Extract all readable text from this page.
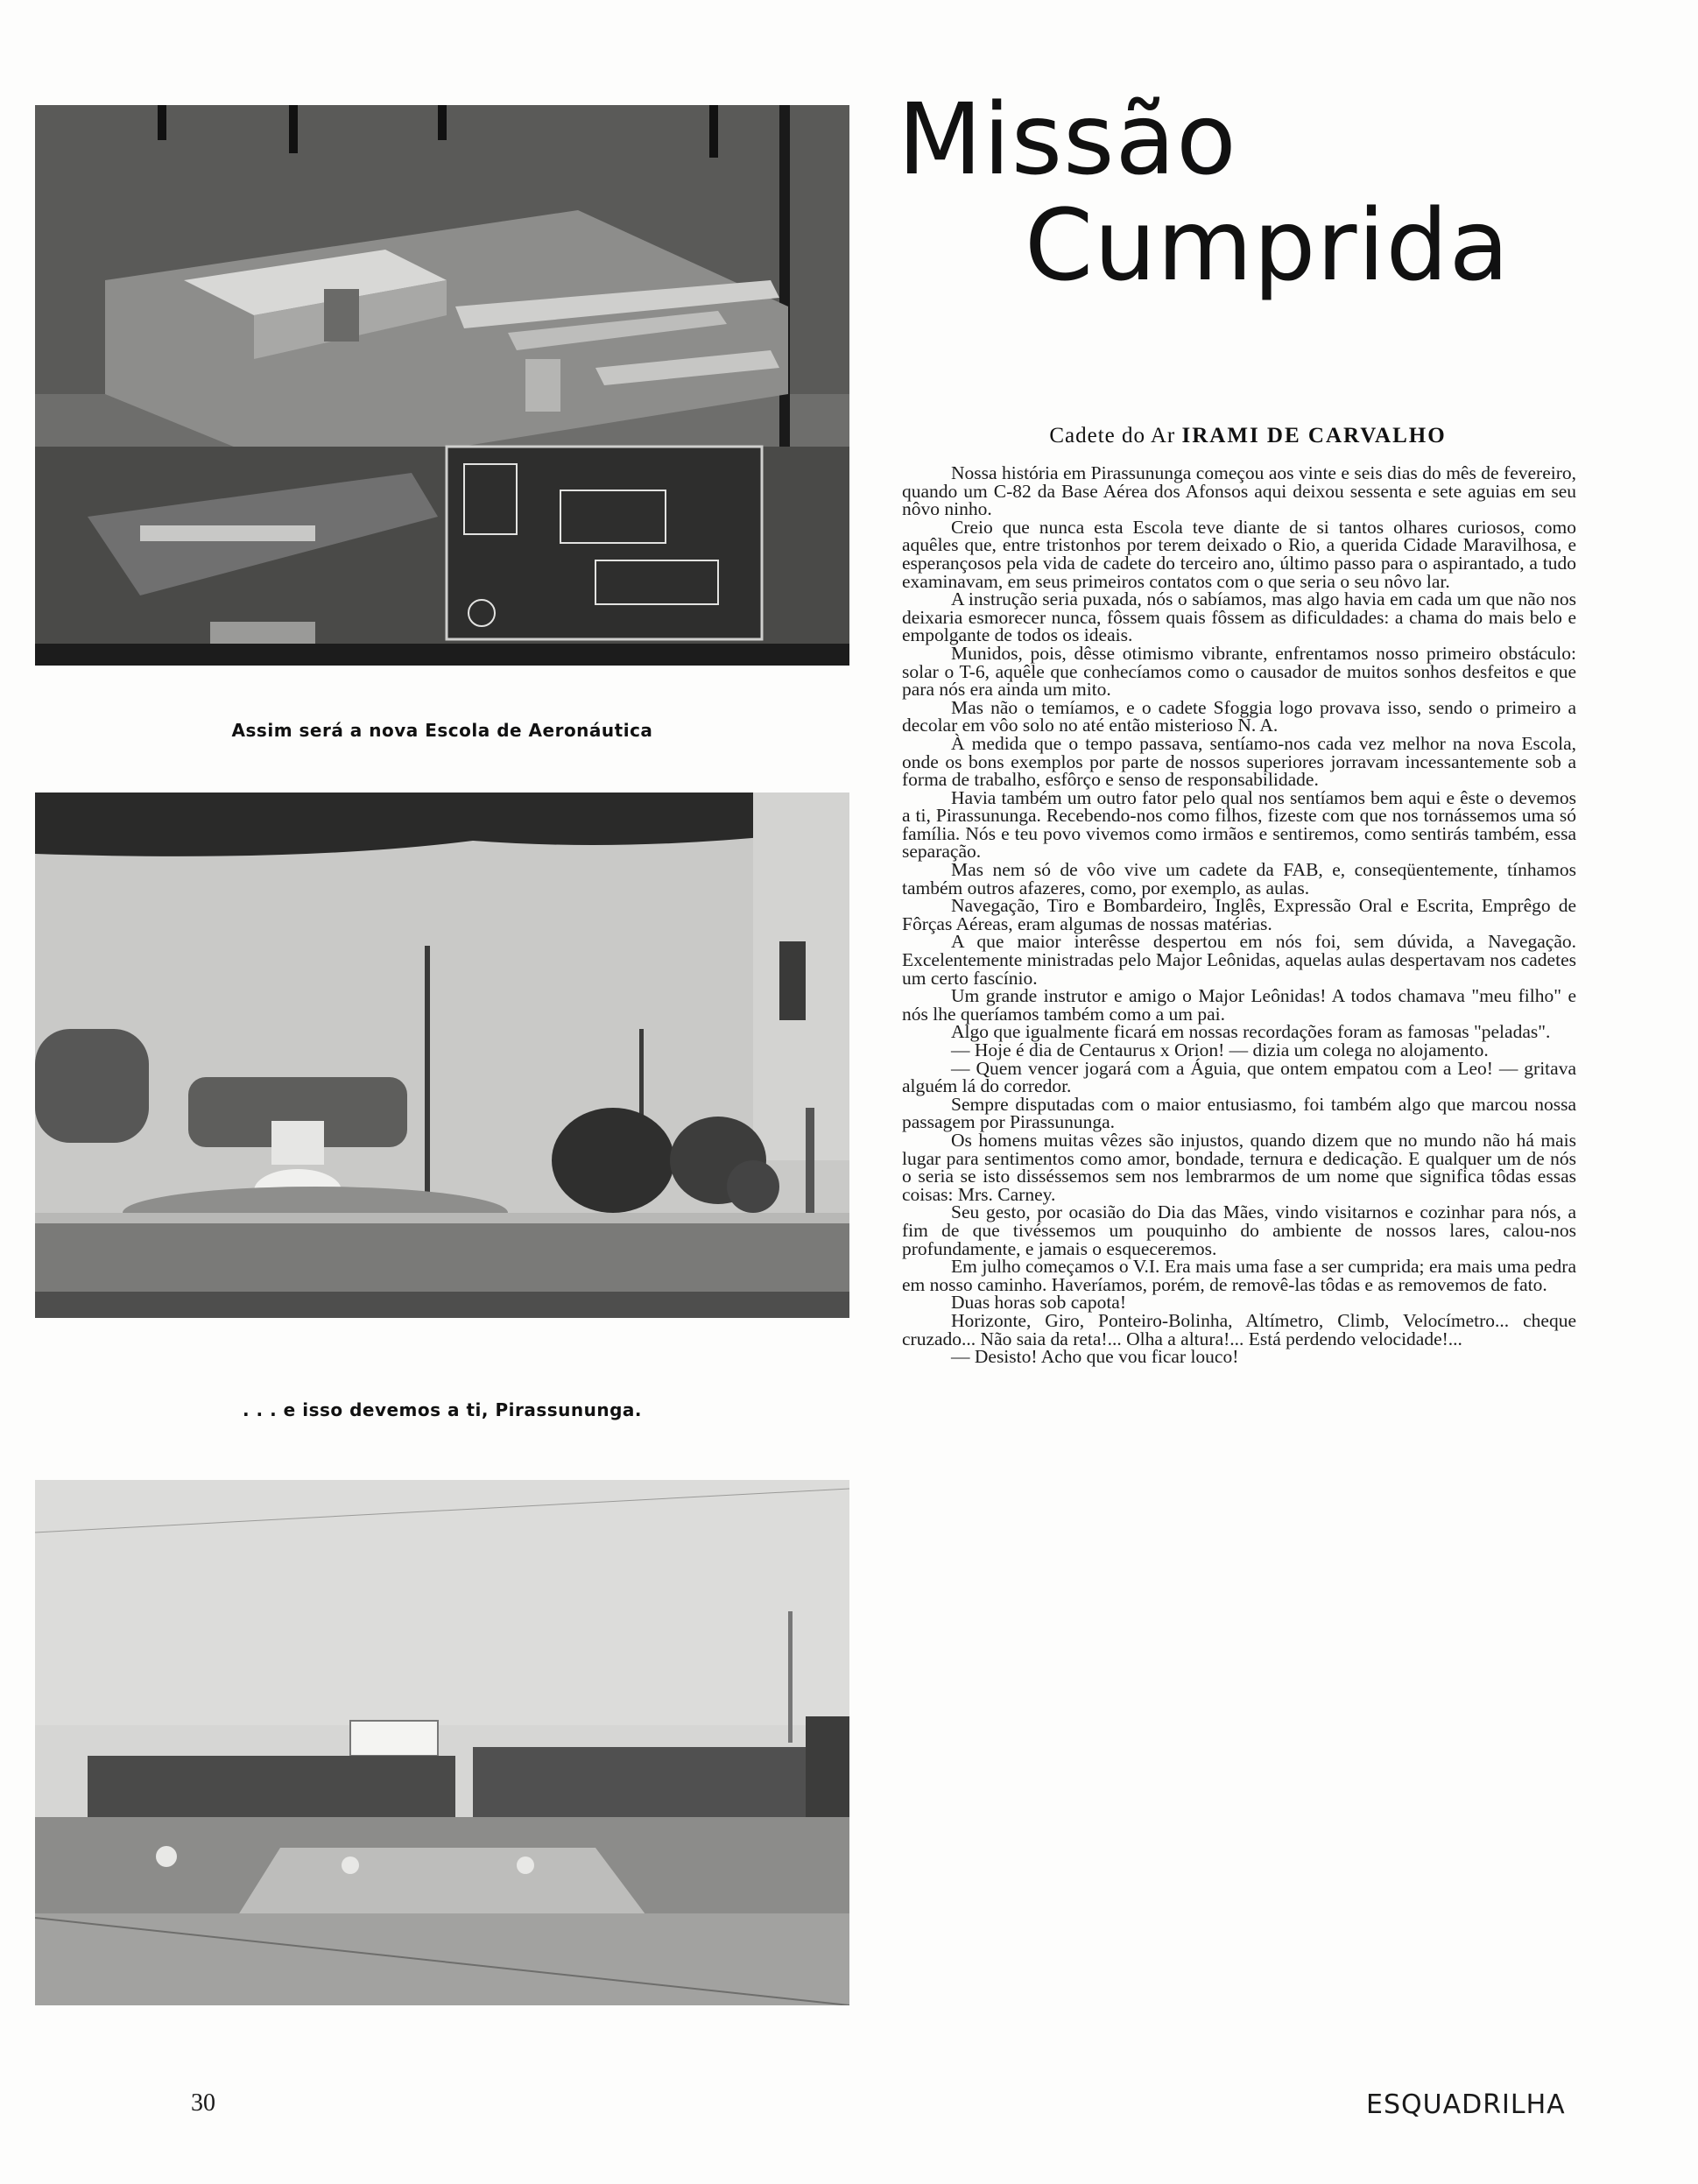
Assim será a nova Escola de Aeronáutica
. . . e isso devemos a ti, Pirassununga.
Missão
Cumprida
Cadete do Ar IRAMI DE CARVALHO

Nossa história em Pirassununga começou aos vinte e seis dias do mês de fevereiro, quando um C-82 da Base Aérea dos Afonsos aqui deixou sessenta e sete aguias em seu nôvo ninho.

Creio que nunca esta Escola teve diante de si tantos olhares curiosos, como aquêles que, entre tristonhos por terem deixado o Rio, a querida Cidade Maravilhosa, e esperançosos pela vida de cadete do terceiro ano, último passo para o aspirantado, a tudo examinavam, em seus primeiros contatos com o que seria o seu nôvo lar.

A instrução seria puxada, nós o sabíamos, mas algo havia em cada um que não nos deixaria esmorecer nunca, fôssem quais fôssem as dificuldades: a chama do mais belo e empolgante de todos os ideais.

Munidos, pois, dêsse otimismo vibrante, enfrentamos nosso primeiro obstáculo: solar o T-6, aquêle que conhecíamos como o causador de muitos sonhos desfeitos e que para nós era ainda um mito.

Mas não o temíamos, e o cadete Sfoggia logo provava isso, sendo o primeiro a decolar em vôo solo no até então misterioso N. A.

À medida que o tempo passava, sentíamo-nos cada vez melhor na nova Escola, onde os bons exemplos por parte de nossos superiores jorravam incessantemente sob a forma de trabalho, esfôrço e senso de responsabilidade.

Havia também um outro fator pelo qual nos sentíamos bem aqui e êste o devemos a ti, Pirassununga. Recebendo-nos como filhos, fizeste com que nos tornássemos uma só família. Nós e teu povo vivemos como irmãos e sentiremos, como sentirás também, essa separação.

Mas nem só de vôo vive um cadete da FAB, e, conseqüentemente, tínhamos também outros afazeres, como, por exemplo, as aulas.

Navegação, Tiro e Bombardeiro, Inglês, Expressão Oral e Escrita, Emprêgo de Fôrças Aéreas, eram algumas de nossas matérias.

A que maior interêsse despertou em nós foi, sem dúvida, a Navegação. Excelentemente ministradas pelo Major Leônidas, aquelas aulas despertavam nos cadetes um certo fascínio.

Um grande instrutor e amigo o Major Leônidas! A todos chamava "meu filho" e nós lhe queríamos também como a um pai.

Algo que igualmente ficará em nossas recordações foram as famosas "peladas".

— Hoje é dia de Centaurus x Orion! — dizia um colega no alojamento.

— Quem vencer jogará com a Águia, que ontem empatou com a Leo! — gritava alguém lá do corredor.

Sempre disputadas com o maior entusiasmo, foi também algo que marcou nossa passagem por Pirassununga.

Os homens muitas vêzes são injustos, quando dizem que no mundo não há mais lugar para sentimentos como amor, bondade, ternura e dedicação. E qualquer um de nós o seria se isto disséssemos sem nos lembrarmos de um nome que significa tôdas essas coisas: Mrs. Carney.

Seu gesto, por ocasião do Dia das Mães, vindo visitarnos e cozinhar para nós, a fim de que tivéssemos um pouquinho do ambiente de nossos lares, calou-nos profundamente, e jamais o esqueceremos.

Em julho começamos o V.I. Era mais uma fase a ser cumprida; era mais uma pedra em nosso caminho. Haveríamos, porém, de removê-las tôdas e as removemos de fato.

Duas horas sob capota!

Horizonte, Giro, Ponteiro-Bolinha, Altímetro, Climb, Velocímetro... cheque cruzado... Não saia da reta!... Olha a altura!... Está perdendo velocidade!...

— Desisto! Acho que vou ficar louco!

30	ESQUADRILHA
